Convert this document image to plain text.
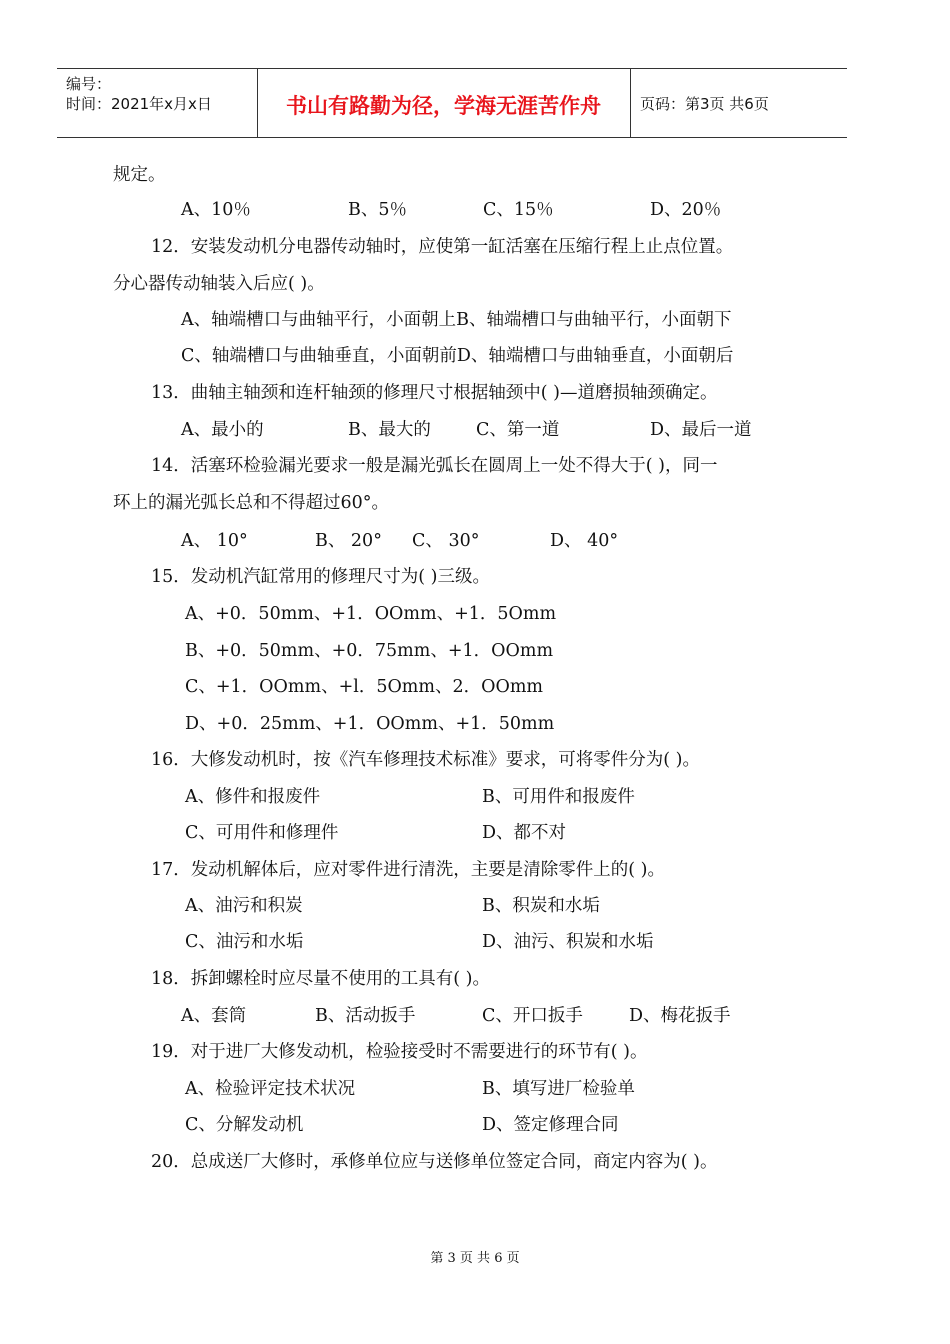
编号：
时间：2021年x月x日	书山有路勤为径，学海无涯苦作舟	页码：第3页 共6页
规定。
A、10％	B、5％	C、15％	D、20％
12．安装发动机分电器传动轴时，应使第一缸活塞在压缩行程上止点位置。
分心器传动轴装入后应( )。
A、轴端槽口与曲轴平行，小面朝上B、轴端槽口与曲轴平行，小面朝下
C、轴端槽口与曲轴垂直，小面朝前D、轴端槽口与曲轴垂直，小面朝后
13．曲轴主轴颈和连杆轴颈的修理尺寸根据轴颈中( )—道磨损轴颈确定。
A、最小的	B、最大的	C、第一道	D、最后一道
14．活塞环检验漏光要求一般是漏光弧长在圆周上一处不得大于( )，同一
环上的漏光弧长总和不得超过60°。
A、 10°	B、 20° C、 30°	D、 40°
15．发动机汽缸常用的修理尺寸为( )三级。
A、+0．50mm、+1．OOmm、+1．5Omm
B、+0．50mm、+0．75mm、+1．OOmm
C、+1．OOmm、+l．5Omm、2．OOmm
D、+0．25mm、+1．OOmm、+1．50mm
16．大修发动机时，按《汽车修理技术标准》要求，可将零件分为( )。
A、修件和报废件	B、可用件和报废件
C、可用件和修理件	D、都不对
17．发动机解体后，应对零件进行清洗，主要是清除零件上的( )。
A、油污和积炭	B、积炭和水垢
C、油污和水垢	D、油污、积炭和水垢
18．拆卸螺栓时应尽量不使用的工具有( )。
A、套筒	B、活动扳手	C、开口扳手	D、梅花扳手
19．对于进厂大修发动机，检验接受时不需要进行的环节有( )。
A、检验评定技术状况	B、填写进厂检验单
C、分解发动机	D、签定修理合同
20．总成送厂大修时，承修单位应与送修单位签定合同，商定内容为( )。
第 3 页 共 6 页
